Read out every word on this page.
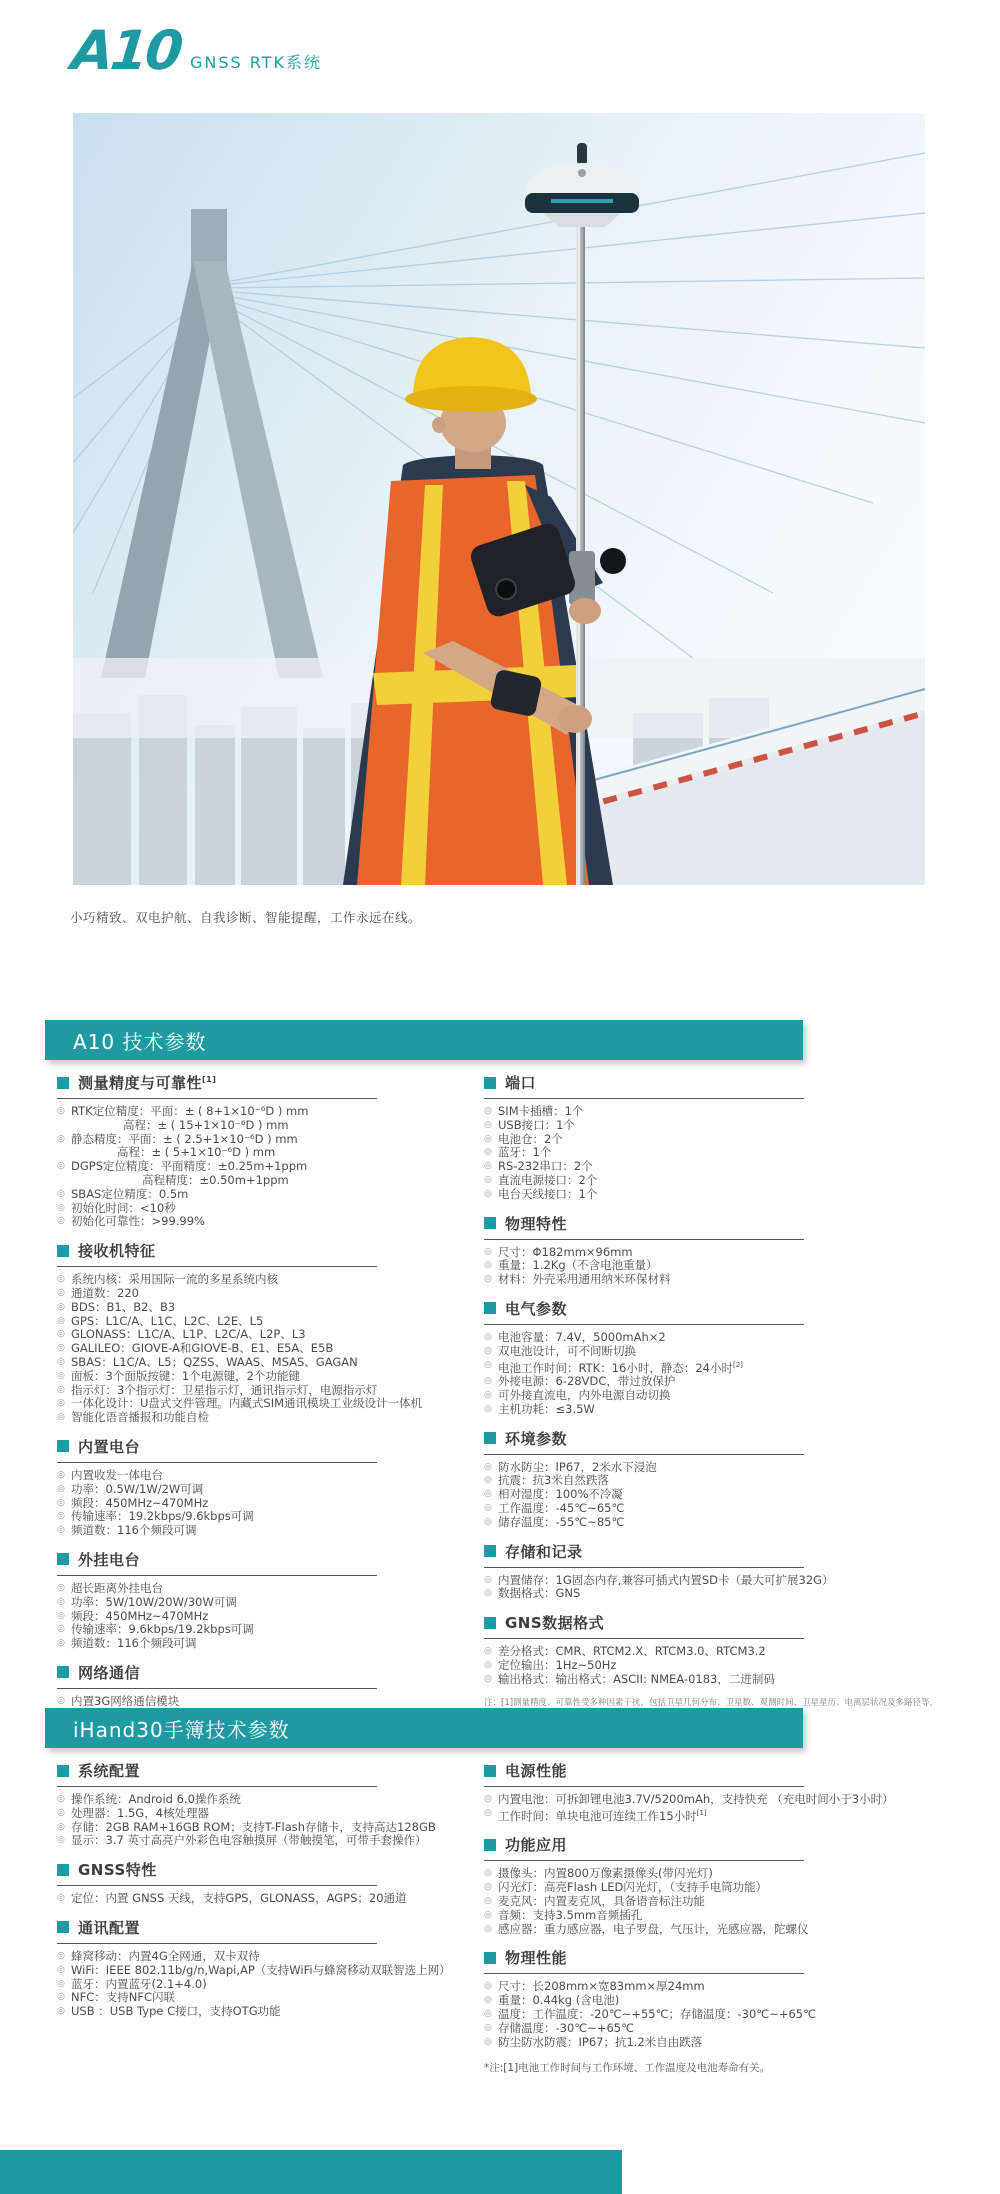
A10 GNSS RTK系统

小巧精致、双电护航、自我诊断、智能提醒，工作永远在线。

A10 技术参数
测量精度与可靠性[1]
◎ RTK定位精度：平面：± ( 8+1×10⁻⁶D ) mm
高程：± ( 15+1×10⁻⁶D ) mm
◎ 静态精度：平面：± ( 2.5+1×10⁻⁶D ) mm
高程：± ( 5+1×10⁻⁶D ) mm
◎ DGPS定位精度：平面精度：±0.25m+1ppm
高程精度：±0.50m+1ppm
◎ SBAS定位精度：0.5m
◎ 初始化时间：<10秒
◎ 初始化可靠性：>99.99%
接收机特征
◎ 系统内核：采用国际一流的多星系统内核
◎ 通道数：220
◎ BDS：B1、B2、B3
◎ GPS：L1C/A、L1C、L2C、L2E、L5
◎ GLONASS：L1C/A、L1P、L2C/A、L2P、L3
◎ GALILEO：GIOVE-A和GIOVE-B、E1、E5A、E5B
◎ SBAS：L1C/A、L5；QZSS、WAAS、MSAS、GAGAN
◎ 面板：3个面版按键：1个电源键，2个功能键
◎ 指示灯：3个指示灯：卫星指示灯，通讯指示灯，电源指示灯
◎ 一体化设计：U盘式文件管理。内藏式SIM通讯模块工业级设计一体机
◎ 智能化语音播报和功能自检
内置电台
◎ 内置收发一体电台
◎ 功率：0.5W/1W/2W可调
◎ 频段：450MHz~470MHz
◎ 传输速率：19.2kbps/9.6kbps可调
◎ 频道数：116个频段可调
外挂电台
◎ 超长距离外挂电台
◎ 功率：5W/10W/20W/30W可调
◎ 频段：450MHz~470MHz
◎ 传输速率：9.6kbps/19.2kbps可调
◎ 频道数：116个频段可调
网络通信
◎ 内置3G网络通信模块
端口
◎ SIM卡插槽：1个
◎ USB接口：1个
◎ 电池仓：2个
◎ 蓝牙：1个
◎ RS-232串口：2个
◎ 直流电源接口：2个
◎ 电台天线接口：1个
物理特性
◎ 尺寸：Φ182mm×96mm
◎ 重量：1.2Kg（不含电池重量）
◎ 材料：外壳采用通用纳米环保材料
电气参数
◎ 电池容量：7.4V，5000mAh×2
◎ 双电池设计，可不间断切换
◎ 电池工作时间：RTK：16小时，静态：24小时[2]
◎ 外接电源：6-28VDC，带过放保护
◎ 可外接直流电，内外电源自动切换
◎ 主机功耗：≤3.5W
环境参数
◎ 防水防尘：IP67，2米水下浸泡
◎ 抗震：抗3米自然跌落
◎ 相对湿度：100%不冷凝
◎ 工作温度：-45℃~65℃
◎ 储存温度：-55℃~85℃
存储和记录
◎ 内置储存：1G固态内存,兼容可插式内置SD卡（最大可扩展32G）
◎ 数据格式：GNS
GNS数据格式
◎ 差分格式：CMR、RTCM2.X、RTCM3.0、RTCM3.2
◎ 定位输出：1Hz~50Hz
◎ 输出格式：输出格式：ASCII: NMEA-0183，二进制码

注：[1]测量精度、可靠性受多种因素干扰，包括卫星几何分布、卫星数、观测时间、卫星星历、电离层状况及多路径等，

iHand30手簿技术参数
系统配置
◎ 操作系统：Android 6.0操作系统
◎ 处理器：1.5G，4核处理器
◎ 存储：2GB RAM+16GB ROM；支持T-Flash存储卡，支持高达128GB
◎ 显示：3.7 英寸高亮户外彩色电容触摸屏（带触摸笔，可带手套操作）
GNSS特性
◎ 定位：内置 GNSS 天线，支持GPS，GLONASS，AGPS；20通道
通讯配置
◎ 蜂窝移动：内置4G全网通，双卡双待
◎ WiFi：IEEE 802.11b/g/n,Wapi,AP（支持WiFi与蜂窝移动双联智选上网）
◎ 蓝牙：内置蓝牙(2.1+4.0)
◎ NFC：支持NFC闪联
◎ USB ：USB Type C接口，支持OTG功能
电源性能
◎ 内置电池：可拆卸锂电池3.7V/5200mAh，支持快充 （充电时间小于3小时）
◎ 工作时间：单块电池可连续工作15小时[1]
功能应用
◎ 摄像头：内置800万像素摄像头(带闪光灯)
◎ 闪光灯：高亮Flash LED闪光灯，（支持手电筒功能）
◎ 麦克风：内置麦克风，具备语音标注功能
◎ 音频：支持3.5mm音频插孔
◎ 感应器：重力感应器，电子罗盘，气压计，光感应器，陀螺仪
物理性能
◎ 尺寸：长208mm×宽83mm×厚24mm
◎ 重量：0.44kg (含电池)
◎ 温度：工作温度：-20℃~+55℃；存储温度：-30℃~+65℃
◎ 存储温度：-30℃~+65℃
◎ 防尘防水防震：IP67；抗1.2米自由跌落

*注:[1]电池工作时间与工作环境、工作温度及电池寿命有关。
